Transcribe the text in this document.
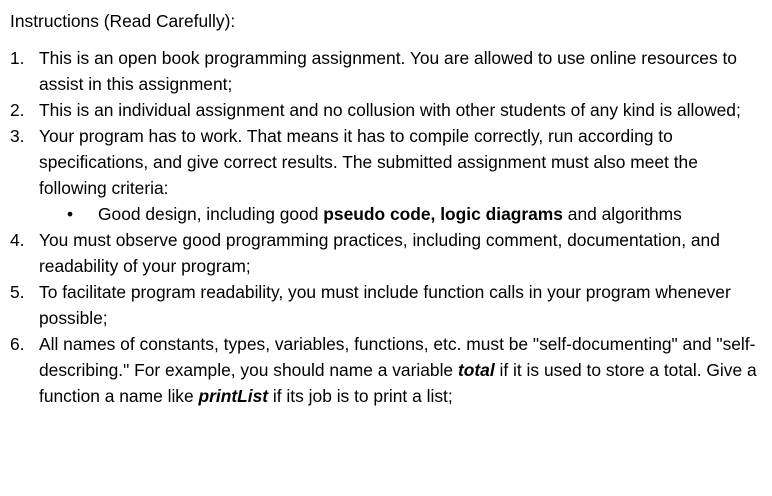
Instructions (Read Carefully):
1. This is an open book programming assignment. You are allowed to use online resources to assist in this assignment;
2. This is an individual assignment and no collusion with other students of any kind is allowed;
3. Your program has to work. That means it has to compile correctly, run according to specifications, and give correct results. The submitted assignment must also meet the following criteria:
• Good design, including good pseudo code, logic diagrams and algorithms
4. You must observe good programming practices, including comment, documentation, and readability of your program;
5. To facilitate program readability, you must include function calls in your program whenever possible;
6. All names of constants, types, variables, functions, etc. must be "self-documenting" and "self-describing." For example, you should name a variable total if it is used to store a total. Give a function a name like printList if its job is to print a list;
